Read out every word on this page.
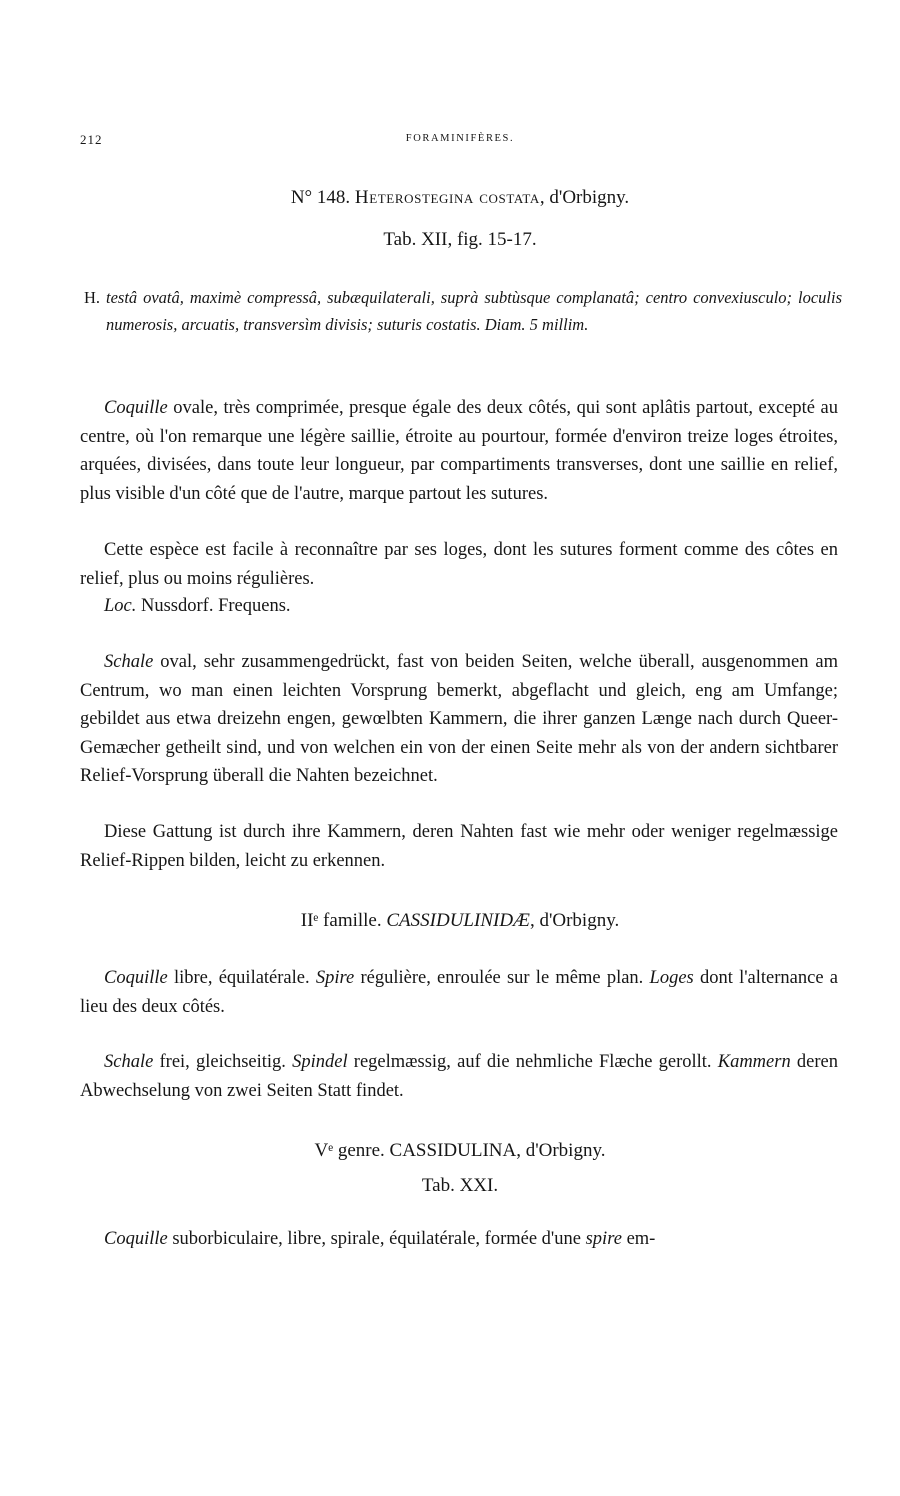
212	FORAMINIFÈRES.
N° 148. Heterostegina costata, d'Orbigny.
Tab. XII, fig. 15-17.
H. testâ ovatâ, maximè compressâ, subæquilaterali, suprà subtùsque complanatâ; centro convexiusculo; loculis numerosis, arcuatis, transversìm divisis; suturis costatis. Diam. 5 millim.

Coquille ovale, très comprimée, presque égale des deux côtés, qui sont aplâtis partout, excepté au centre, où l'on remarque une légère saillie, étroite au pourtour, formée d'environ treize loges étroites, arquées, divisées, dans toute leur longueur, par compartiments transverses, dont une saillie en relief, plus visible d'un côté que de l'autre, marque partout les sutures.

Cette espèce est facile à reconnaître par ses loges, dont les sutures forment comme des côtes en relief, plus ou moins régulières.

Loc. Nussdorf. Frequens.

Schale oval, sehr zusammengedrückt, fast von beiden Seiten, welche überall, ausgenommen am Centrum, wo man einen leichten Vorsprung bemerkt, abgeflacht und gleich, eng am Umfange; gebildet aus etwa dreizehn engen, gewœlbten Kammern, die ihrer ganzen Længe nach durch Queer-Gemæcher getheilt sind, und von welchen ein von der einen Seite mehr als von der andern sichtbarer Relief-Vorsprung überall die Nahten bezeichnet.

Diese Gattung ist durch ihre Kammern, deren Nahten fast wie mehr oder weniger regelmæssige Relief-Rippen bilden, leicht zu erkennen.

IIᵉ famille. CASSIDULINIDÆ, d'Orbigny.

Coquille libre, équilatérale. Spire régulière, enroulée sur le même plan. Loges dont l'alternance a lieu des deux côtés.

Schale frei, gleichseitig. Spindel regelmæssig, auf die nehmliche Flæche gerollt. Kammern deren Abwechselung von zwei Seiten Statt findet.

Vᵉ genre. CASSIDULINA, d'Orbigny.
Tab. XXI.

Coquille suborbiculaire, libre, spirale, équilatérale, formée d'une spire em-
